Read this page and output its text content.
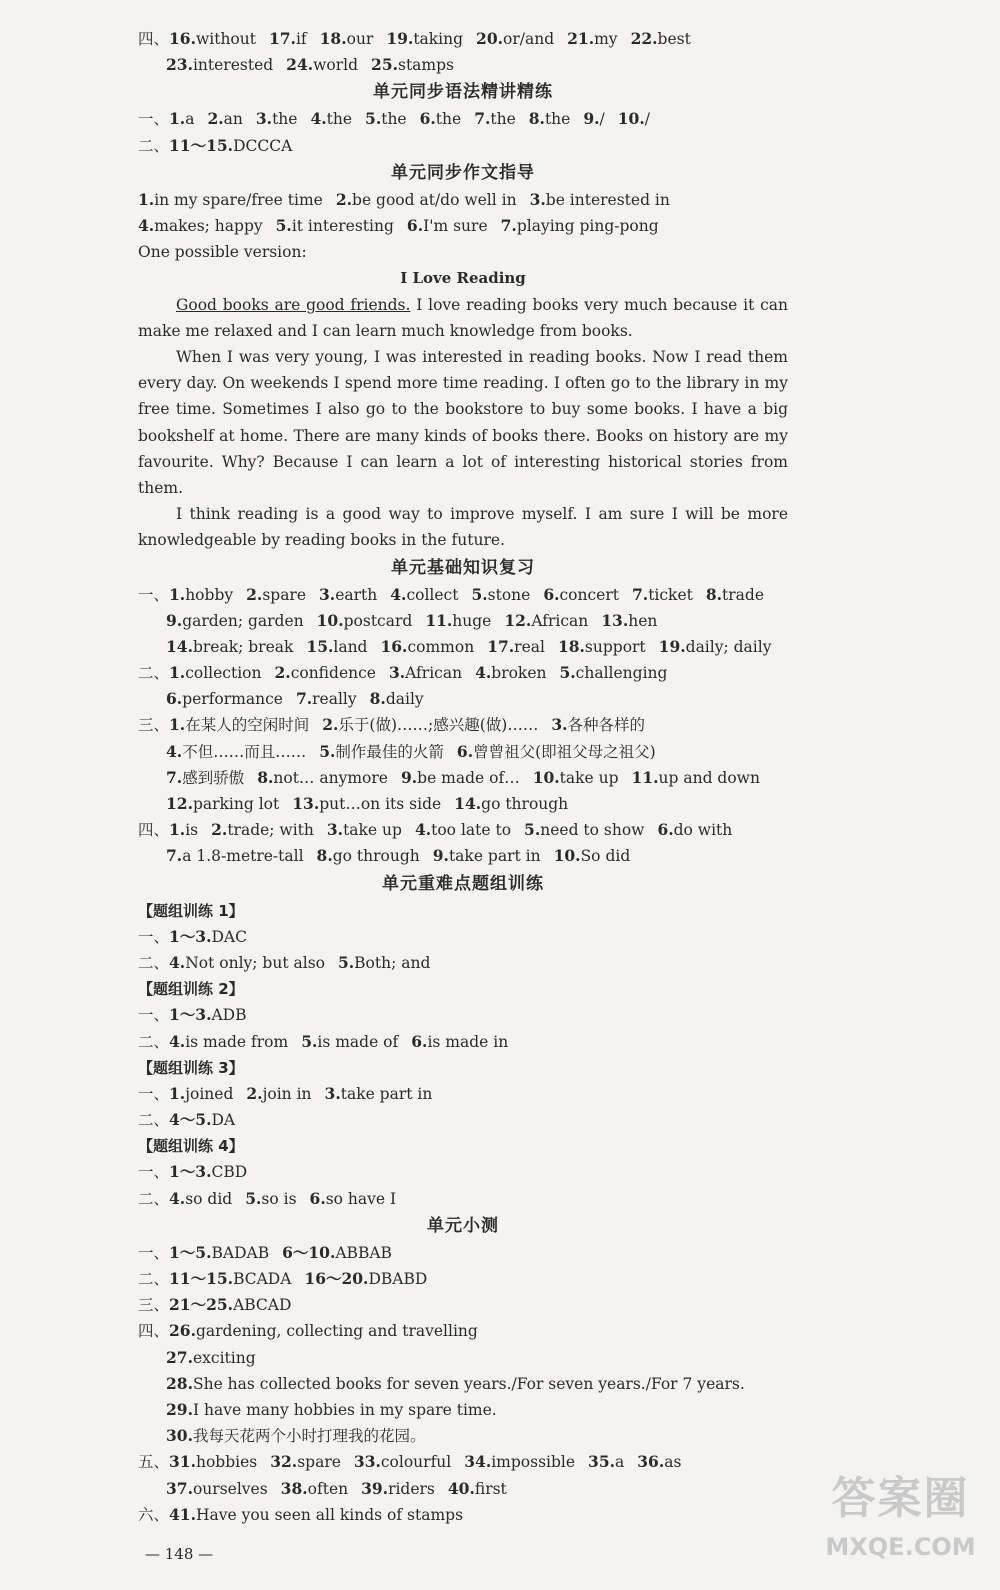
四、16.without 17.if 18.our 19.taking 20.or/and 21.my 22.best
23.interested 24.world 25.stamps
单元同步语法精讲精练
一、1.a 2.an 3.the 4.the 5.the 6.the 7.the 8.the 9./ 10./
二、11～15.DCCCA
单元同步作文指导
1.in my spare/free time 2.be good at/do well in 3.be interested in
4.makes; happy 5.it interesting 6.I'm sure 7.playing ping-pong
One possible version:
I Love Reading

Good books are good friends. I love reading books very much because it can make me relaxed and I can learn much knowledge from books.

When I was very young, I was interested in reading books. Now I read them every day. On weekends I spend more time reading. I often go to the library in my free time. Sometimes I also go to the bookstore to buy some books. I have a big bookshelf at home. There are many kinds of books there. Books on history are my favourite. Why? Because I can learn a lot of interesting historical stories from them.

I think reading is a good way to improve myself. I am sure I will be more knowledgeable by reading books in the future.

单元基础知识复习
一、1.hobby 2.spare 3.earth 4.collect 5.stone 6.concert 7.ticket 8.trade
9.garden; garden 10.postcard 11.huge 12.African 13.hen
14.break; break 15.land 16.common 17.real 18.support 19.daily; daily
二、1.collection 2.confidence 3.African 4.broken 5.challenging
6.performance 7.really 8.daily
三、1.在某人的空闲时间 2.乐于(做)……;感兴趣(做)…… 3.各种各样的
4.不但……而且…… 5.制作最佳的火箭 6.曾曾祖父(即祖父母之祖父)
7.感到骄傲 8.not… anymore 9.be made of… 10.take up 11.up and down
12.parking lot 13.put…on its side 14.go through
四、1.is 2.trade; with 3.take up 4.too late to 5.need to show 6.do with
7.a 1.8-metre-tall 8.go through 9.take part in 10.So did
单元重难点题组训练
【题组训练 1】
一、1～3.DAC
二、4.Not only; but also 5.Both; and
【题组训练 2】
一、1～3.ADB
二、4.is made from 5.is made of 6.is made in
【题组训练 3】
一、1.joined 2.join in 3.take part in
二、4～5.DA
【题组训练 4】
一、1～3.CBD
二、4.so did 5.so is 6.so have I
单元小测
一、1～5.BADAB 6～10.ABBAB
二、11～15.BCADA 16～20.DBABD
三、21～25.ABCAD
四、26.gardening, collecting and travelling
27.exciting
28.She has collected books for seven years./For seven years./For 7 years.
29.I have many hobbies in my spare time.
30.我每天花两个小时打理我的花园。
五、31.hobbies 32.spare 33.colourful 34.impossible 35.a 36.as
37.ourselves 38.often 39.riders 40.first
六、41.Have you seen all kinds of stamps
— 148 —
答案圈
MXQE.COM
